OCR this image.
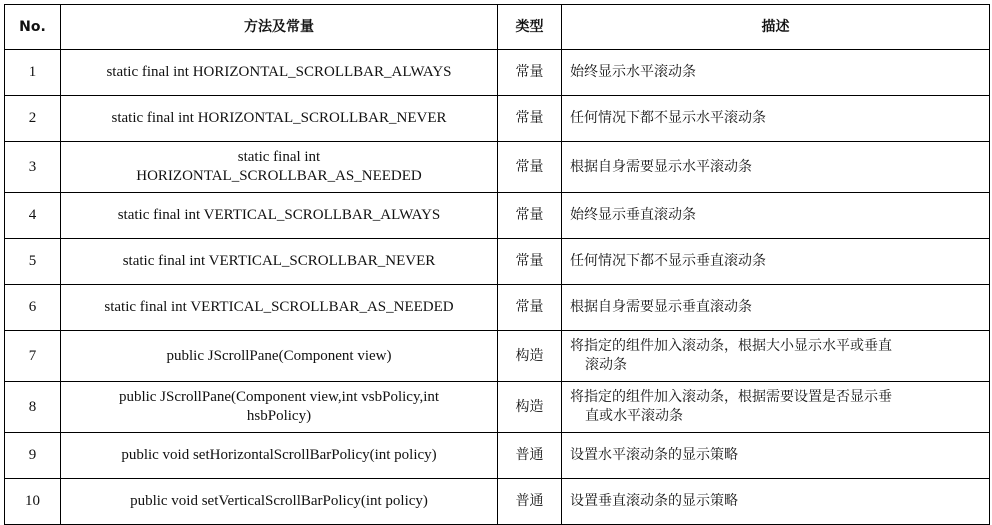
No.	方法及常量	类型	描述
1	static final int HORIZONTAL_SCROLLBAR_ALWAYS	常量	始终显示水平滚动条
2	static final int HORIZONTAL_SCROLLBAR_NEVER	常量	任何情况下都不显示水平滚动条
3	static final int HORIZONTAL_SCROLLBAR_AS_NEEDED	常量	根据自身需要显示水平滚动条
4	static final int VERTICAL_SCROLLBAR_ALWAYS	常量	始终显示垂直滚动条
5	static final int VERTICAL_SCROLLBAR_NEVER	常量	任何情况下都不显示垂直滚动条
6	static final int VERTICAL_SCROLLBAR_AS_NEEDED	常量	根据自身需要显示垂直滚动条
7	public JScrollPane(Component view)	构造	将指定的组件加入滚动条，根据大小显示水平或垂直
滚动条

8	public JScrollPane(Component view,int vsbPolicy,int hsbPolicy)	构造	将指定的组件加入滚动条，根据需要设置是否显示垂
直或水平滚动条

9	public void setHorizontalScrollBarPolicy(int policy)	普通	设置水平滚动条的显示策略
10	public void setVerticalScrollBarPolicy(int policy)	普通	设置垂直滚动条的显示策略
